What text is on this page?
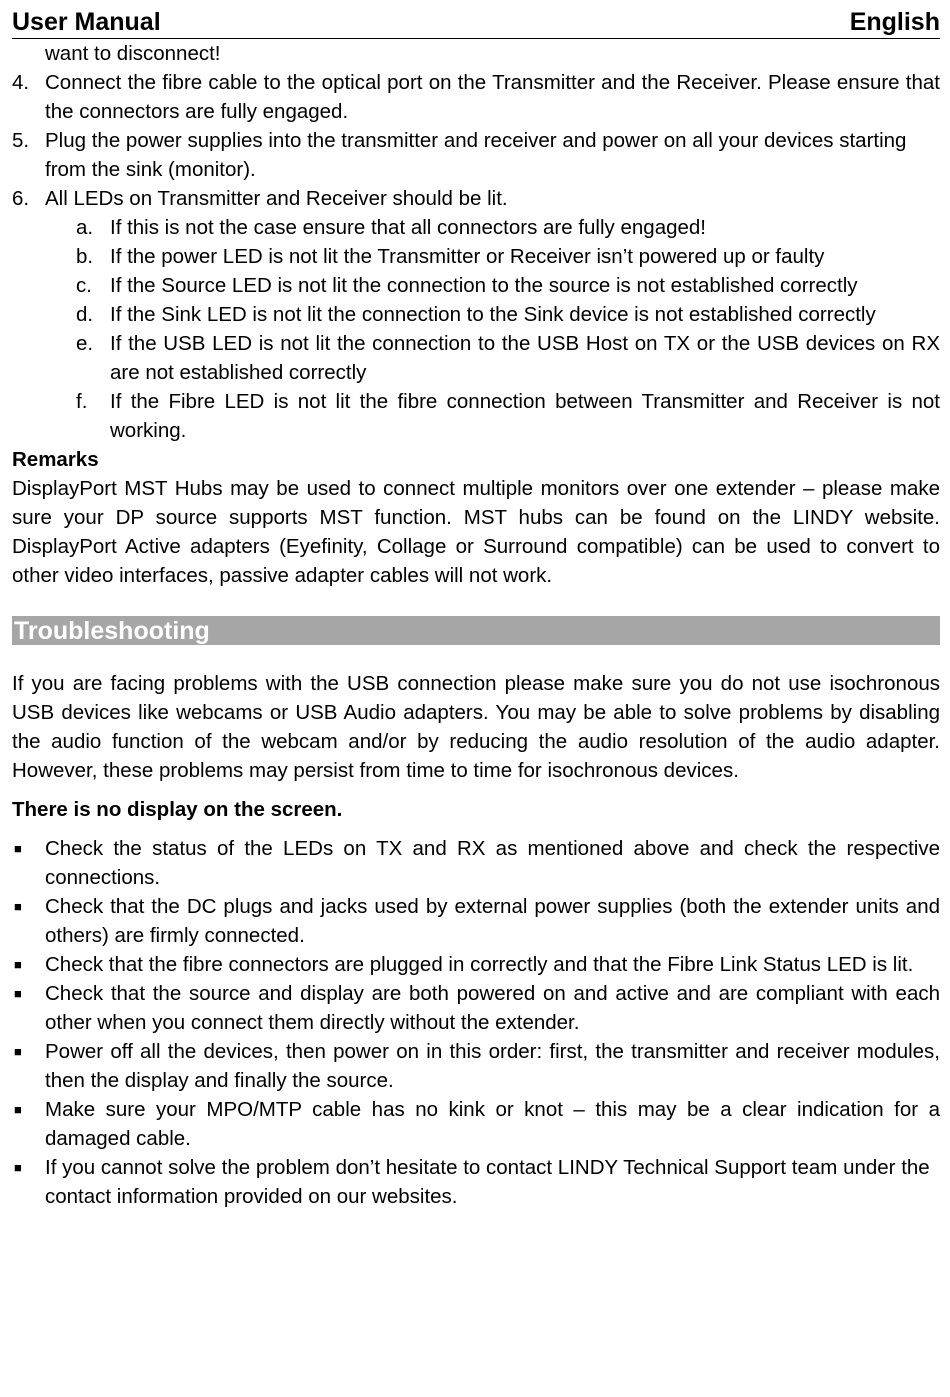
User Manual	English
want to disconnect!
4. Connect the fibre cable to the optical port on the Transmitter and the Receiver. Please ensure that the connectors are fully engaged.
5. Plug the power supplies into the transmitter and receiver and power on all your devices starting from the sink (monitor).
6. All LEDs on Transmitter and Receiver should be lit.
a. If this is not the case ensure that all connectors are fully engaged!
b. If the power LED is not lit the Transmitter or Receiver isn’t powered up or faulty
c. If the Source LED is not lit the connection to the source is not established correctly
d. If the Sink LED is not lit the connection to the Sink device is not established correctly
e. If the USB LED is not lit the connection to the USB Host on TX or the USB devices on RX are not established correctly
f.	If the Fibre LED is not lit the fibre connection between Transmitter and Receiver is not working.
Remarks
DisplayPort MST Hubs may be used to connect multiple monitors over one extender – please make sure your DP source supports MST function. MST hubs can be found on the LINDY website. DisplayPort Active adapters (Eyefinity, Collage or Surround compatible) can be used to convert to other video interfaces, passive adapter cables will not work.
Troubleshooting
If you are facing problems with the USB connection please make sure you do not use isochronous USB devices like webcams or USB Audio adapters. You may be able to solve problems by disabling the audio function of the webcam and/or by reducing the audio resolution of the audio adapter. However, these problems may persist from time to time for isochronous devices.
There is no display on the screen.
■	Check the status of the LEDs on TX and RX as mentioned above and check the respective connections.
■	Check that the DC plugs and jacks used by external power supplies (both the extender units and others) are firmly connected.
■	Check that the fibre connectors are plugged in correctly and that the Fibre Link Status LED is lit.
■	Check that the source and display are both powered on and active and are compliant with each other when you connect them directly without the extender.
■	Power off all the devices, then power on in this order: first, the transmitter and receiver modules, then the display and finally the source.
■	Make sure your MPO/MTP cable has no kink or knot – this may be a clear indication for a damaged cable.
■	If you cannot solve the problem don’t hesitate to contact LINDY Technical Support team under the contact information provided on our websites.
